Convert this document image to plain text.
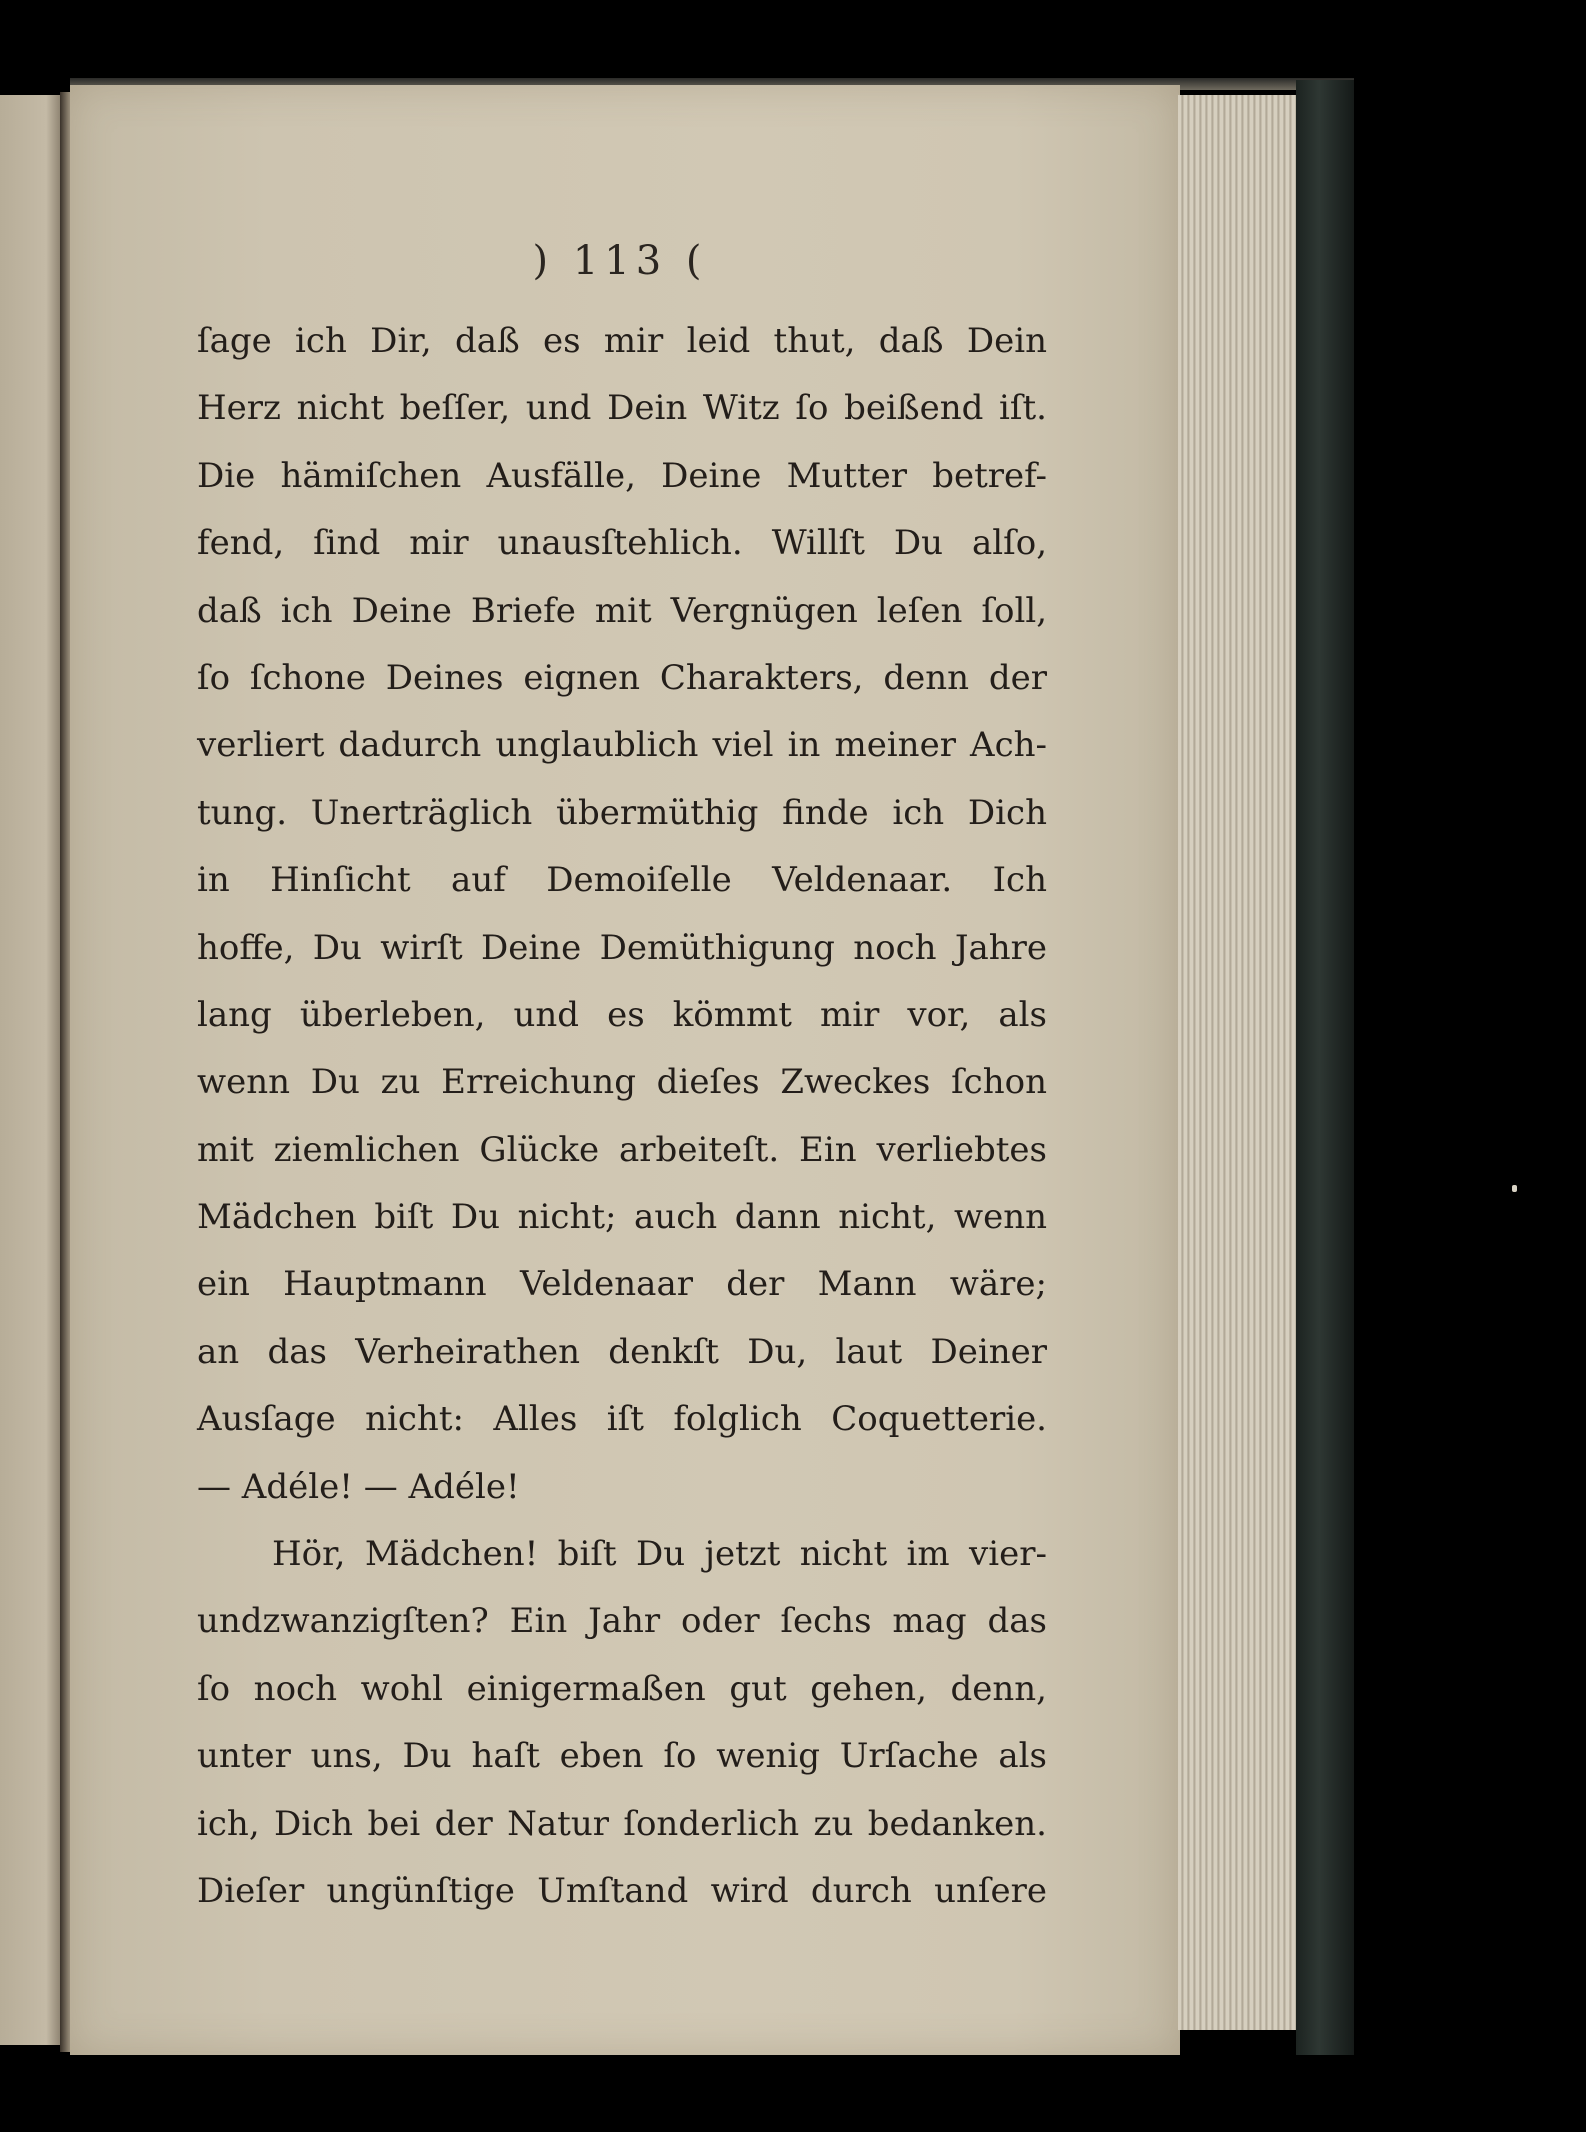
) 113 (
ſage ich Dir, daß es mir leid thut, daß Dein
Herz nicht beſſer, und Dein Witz ſo beißend iſt.
Die hämiſchen Ausfälle, Deine Mutter betref-
fend, ſind mir unausſtehlich. Willſt Du alſo,
daß ich Deine Briefe mit Vergnügen leſen ſoll,
ſo ſchone Deines eignen Charakters, denn der
verliert dadurch unglaublich viel in meiner Ach-
tung. Unerträglich übermüthig finde ich Dich
in Hinſicht auf Demoiſelle Veldenaar. Ich
hoffe, Du wirſt Deine Demüthigung noch Jahre
lang überleben, und es kömmt mir vor, als
wenn Du zu Erreichung dieſes Zweckes ſchon
mit ziemlichen Glücke arbeiteſt. Ein verliebtes
Mädchen biſt Du nicht; auch dann nicht, wenn
ein Hauptmann Veldenaar der Mann wäre;
an das Verheirathen denkſt Du, laut Deiner
Ausſage nicht: Alles iſt folglich Coquetterie.
— Adéle! — Adéle!
Hör, Mädchen! biſt Du jetzt nicht im vier-
undzwanzigſten? Ein Jahr oder ſechs mag das
ſo noch wohl einigermaßen gut gehen, denn,
unter uns, Du haſt eben ſo wenig Urſache als
ich, Dich bei der Natur ſonderlich zu bedanken.
Dieſer ungünſtige Umſtand wird durch unſere
